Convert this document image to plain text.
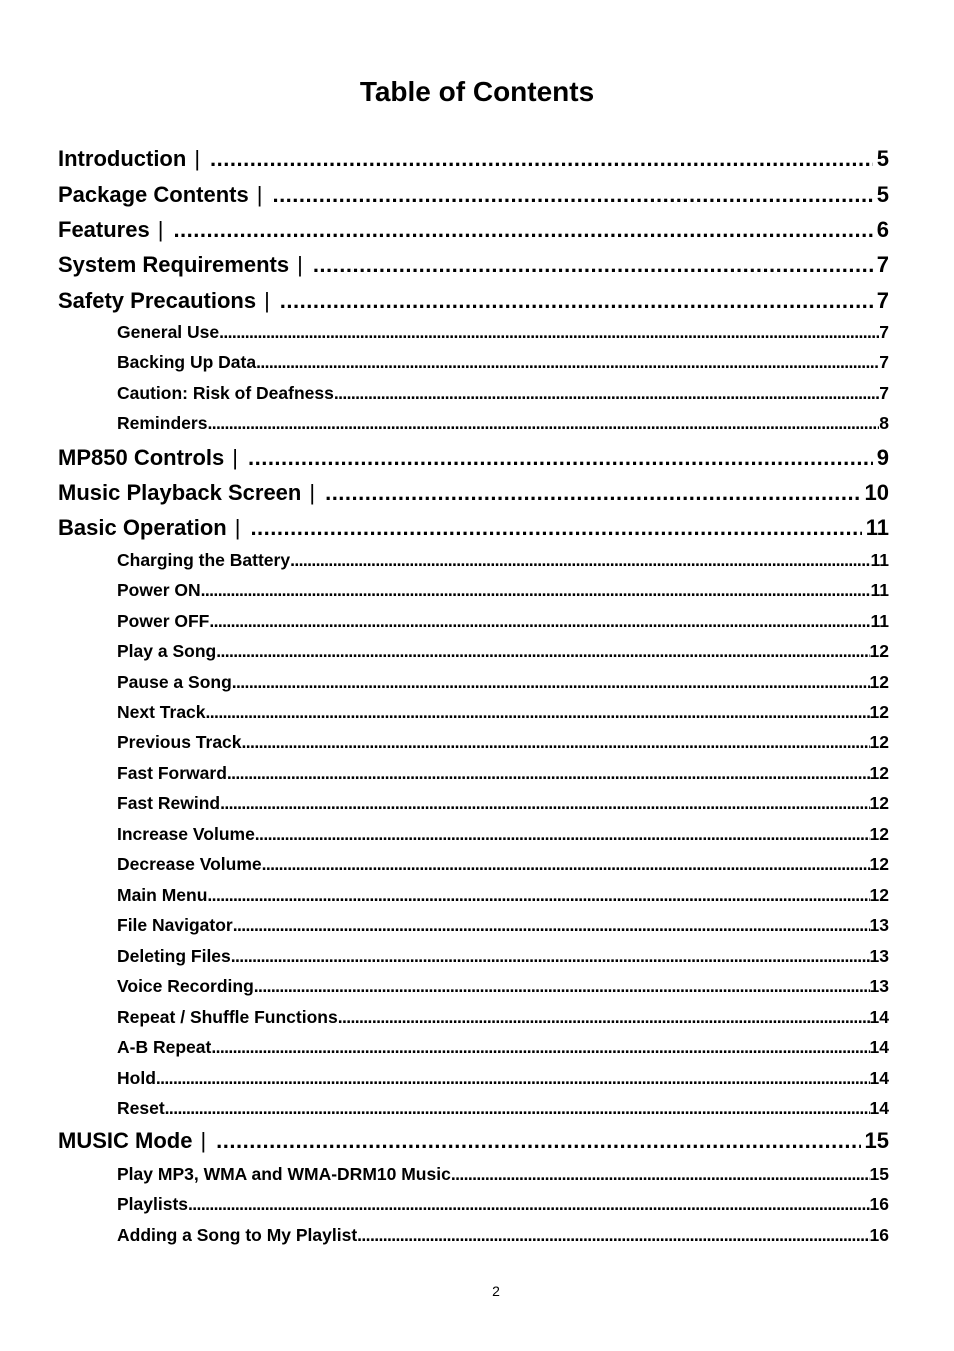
Table of Contents
Introduction | .....	5
Package Contents | .....	5
Features | .....	6
System Requirements | .....	7
Safety Precautions | .....	7
General Use .....	7
Backing Up Data .....	7
Caution: Risk of Deafness .....	7
Reminders .....	8
MP850 Controls | .....	9
Music Playback Screen | .....	10
Basic Operation | .....	11
Charging the Battery .....	11
Power ON .....	11
Power OFF .....	11
Play a Song .....	12
Pause a Song .....	12
Next Track .....	12
Previous Track .....	12
Fast Forward .....	12
Fast Rewind .....	12
Increase Volume .....	12
Decrease Volume .....	12
Main Menu .....	12
File Navigator .....	13
Deleting Files .....	13
Voice Recording .....	13
Repeat / Shuffle Functions .....	14
A-B Repeat .....	14
Hold .....	14
Reset .....	14
MUSIC Mode | .....	15
Play MP3, WMA and WMA-DRM10 Music .....	15
Playlists .....	16
Adding a Song to My Playlist .....	16
2
